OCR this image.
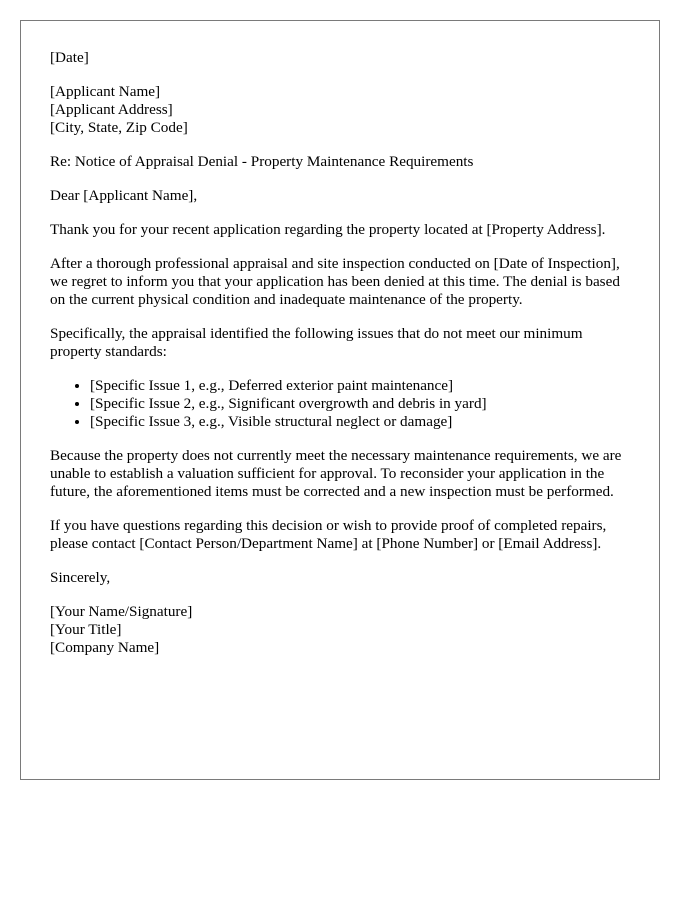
[Date]
[Applicant Name]
[Applicant Address]
[City, State, Zip Code]

Re: Notice of Appraisal Denial - Property Maintenance Requirements

Dear [Applicant Name],

Thank you for your recent application regarding the property located at [Property Address].

After a thorough professional appraisal and site inspection conducted on [Date of Inspection], we regret to inform you that your application has been denied at this time. The denial is based on the current physical condition and inadequate maintenance of the property.

Specifically, the appraisal identified the following issues that do not meet our minimum property standards:

• [Specific Issue 1, e.g., Deferred exterior paint maintenance]
• [Specific Issue 2, e.g., Significant overgrowth and debris in yard]
• [Specific Issue 3, e.g., Visible structural neglect or damage]

Because the property does not currently meet the necessary maintenance requirements, we are unable to establish a valuation sufficient for approval. To reconsider your application in the future, the aforementioned items must be corrected and a new inspection must be performed.

If you have questions regarding this decision or wish to provide proof of completed repairs, please contact [Contact Person/Department Name] at [Phone Number] or [Email Address].

Sincerely,

[Your Name/Signature]
[Your Title]
[Company Name]
